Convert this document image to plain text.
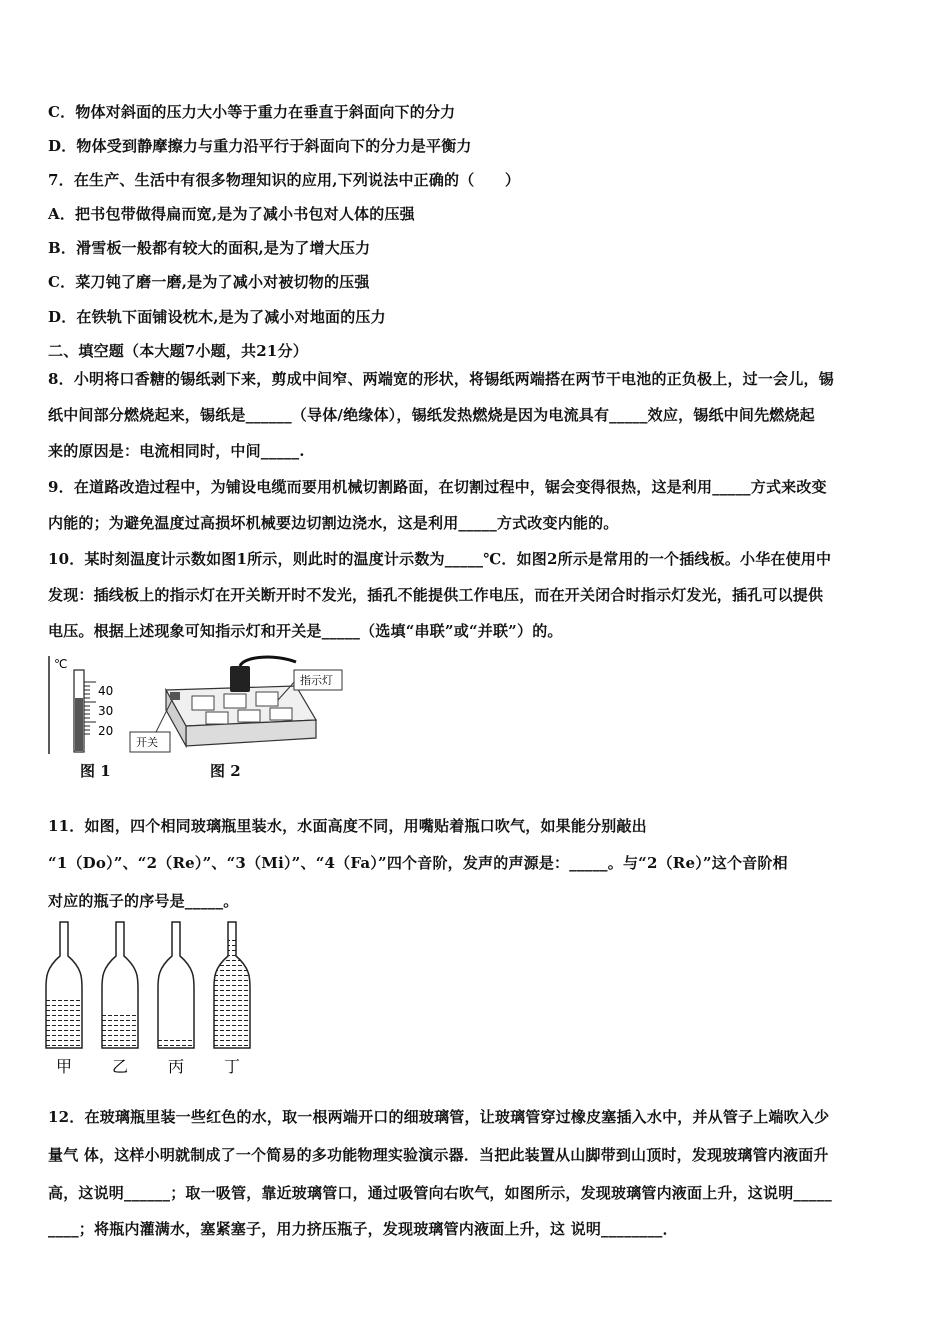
C．物体对斜面的压力大小等于重力在垂直于斜面向下的分力
D．物体受到静摩擦力与重力沿平行于斜面向下的分力是平衡力
7．在生产、生活中有很多物理知识的应用,下列说法中正确的（　　）
A．把书包带做得扁而宽,是为了减小书包对人体的压强
B．滑雪板一般都有较大的面积,是为了增大压力
C．菜刀钝了磨一磨,是为了减小对被切物的压强
D．在铁轨下面铺设枕木,是为了减小对地面的压力
二、填空题（本大题7小题，共21分）
8．小明将口香糖的锡纸剥下来，剪成中间窄、两端宽的形状，将锡纸两端搭在两节干电池的正负极上，过一会儿，锡
纸中间部分燃烧起来，锡纸是______（导体/绝缘体），锡纸发热燃烧是因为电流具有_____效应，锡纸中间先燃烧起
来的原因是：电流相同时，中间_____.
9．在道路改造过程中，为铺设电缆而要用机械切割路面，在切割过程中，锯会变得很热，这是利用_____方式来改变
内能的；为避免温度过高损坏机械要边切割边浇水，这是利用_____方式改变内能的。
10．某时刻温度计示数如图1所示，则此时的温度计示数为_____℃．如图2所示是常用的一个插线板。小华在使用中
发现：插线板上的指示灯在开关断开时不发光，插孔不能提供工作电压，而在开关闭合时指示灯发光，插孔可以提供
电压。根据上述现象可知指示灯和开关是_____（选填“串联”或“并联”）的。
℃
40
30
20
图 1
指示灯
开关
图 2
11．如图，四个相同玻璃瓶里装水，水面高度不同，用嘴贴着瓶口吹气，如果能分别敲出
“1（Do）”、“2（Re）”、“3（Mi）”、“4（Fa）”四个音阶，发声的声源是：_____。与“2（Re）”这个音阶相
对应的瓶子的序号是_____。
甲 乙 丙 丁
12．在玻璃瓶里装一些红色的水，取一根两端开口的细玻璃管，让玻璃管穿过橡皮塞插入水中，并从管子上端吹入少
量气 体，这样小明就制成了一个简易的多功能物理实验演示器．当把此装置从山脚带到山顶时，发现玻璃管内液面升
高，这说明______；取一吸管，靠近玻璃管口，通过吸管向右吹气，如图所示，发现玻璃管内液面上升，这说明_____
____；将瓶内灌满水，塞紧塞子，用力挤压瓶子，发现玻璃管内液面上升，这 说明________．
